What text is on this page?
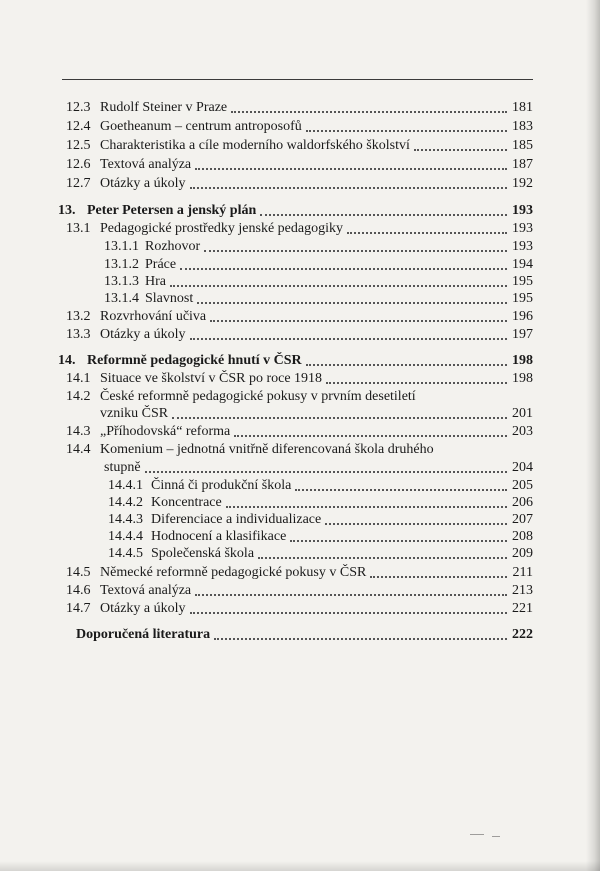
12.3 Rudolf Steiner v Praze	181
12.4 Goetheanum – centrum antroposofů	183
12.5 Charakteristika a cíle moderního waldorfského školství	185
12.6 Textová analýza	187
12.7 Otázky a úkoly	192
13. Peter Petersen a jenský plán	193
13.1 Pedagogické prostředky jenské pedagogiky	193
13.1.1 Rozhovor	193
13.1.2 Práce	194
13.1.3 Hra	195
13.1.4 Slavnost	195
13.2 Rozvrhování učiva	196
13.3 Otázky a úkoly	197
14. Reformně pedagogické hnutí v ČSR	198
14.1 Situace ve školství v ČSR po roce 1918	198
14.2 České reformně pedagogické pokusy v prvním desetiletí
vzniku ČSR	201
14.3 „Příhodovská“ reforma	203
14.4 Komenium – jednotná vnitřně diferencovaná škola druhého
stupně	204
14.4.1 Činná či produkční škola	205
14.4.2 Koncentrace	206
14.4.3 Diferenciace a individualizace	207
14.4.4 Hodnocení a klasifikace	208
14.4.5 Společenská škola	209
14.5 Německé reformně pedagogické pokusy v ČSR	211
14.6 Textová analýza	213
14.7 Otázky a úkoly	221
Doporučená literatura	222
